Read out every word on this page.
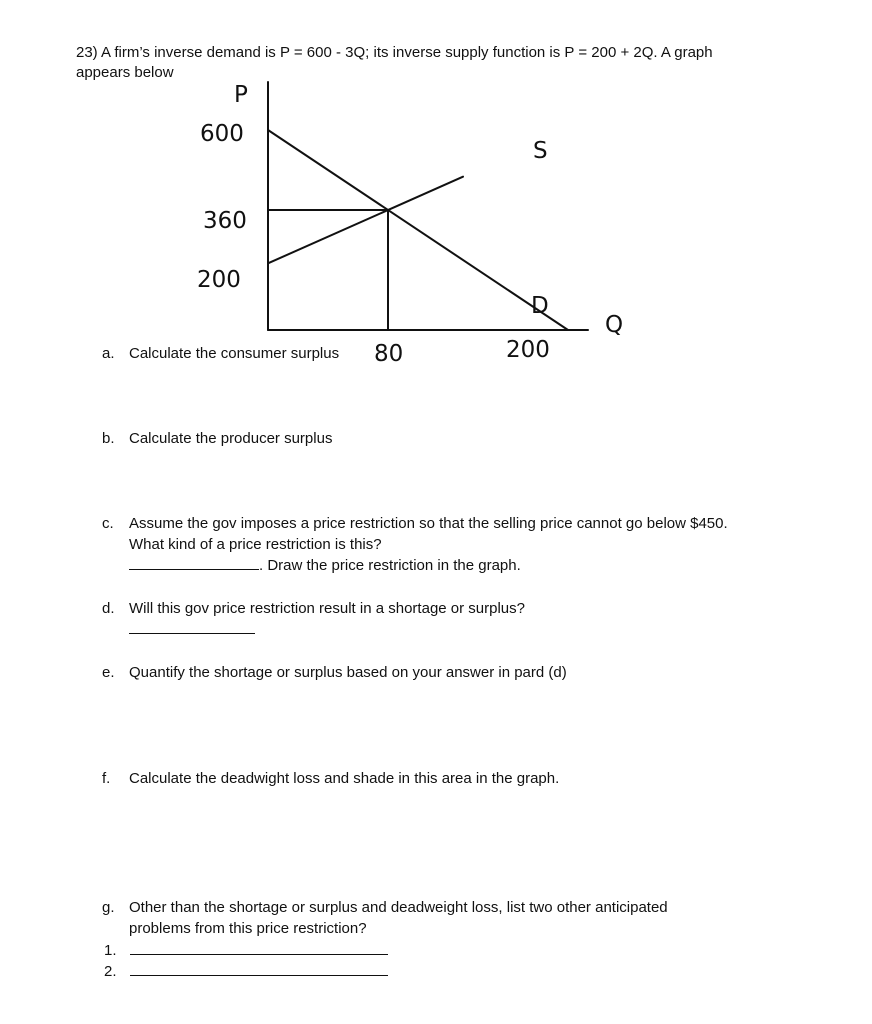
23) A firm’s inverse demand is P = 600 - 3Q; its inverse supply function is P = 200 + 2Q. A graph appears below
P
Q
600
360
200
80	200
S
D
a. Calculate the consumer surplus
b. Calculate the producer surplus
c. Assume the gov imposes a price restriction so that the selling price cannot go below $450. What kind of a price restriction is this?
. Draw the price restriction in the graph.
d. Will this gov price restriction result in a shortage or surplus?
e. Quantify the shortage or surplus based on your answer in pard (d)
f. Calculate the deadwight loss and shade in this area in the graph.
g. Other than the shortage or surplus and deadweight loss, list two other anticipated problems from this price restriction?
1.
2.
